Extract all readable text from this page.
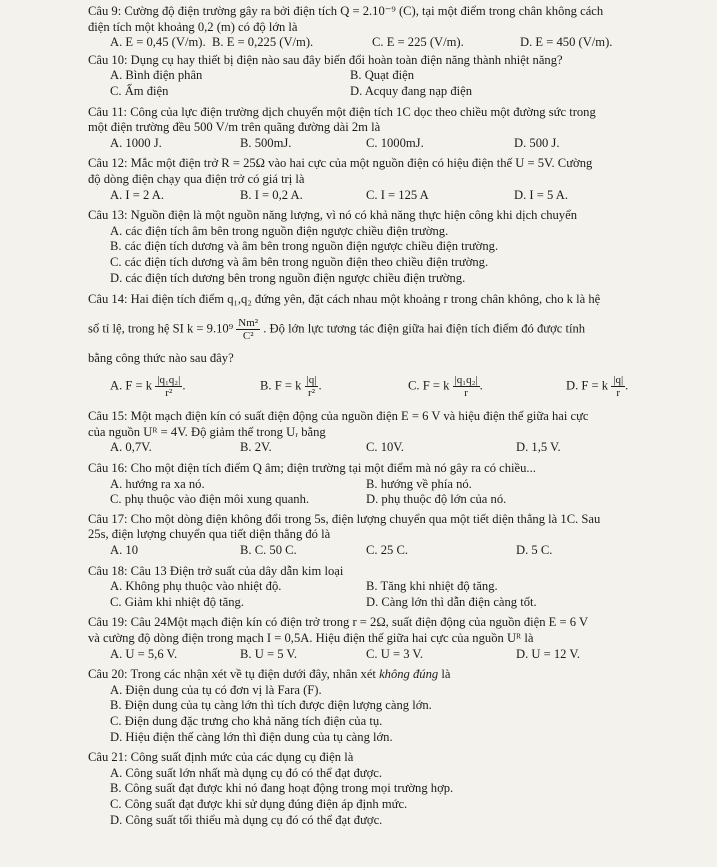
Câu 9: Cường độ điện trường gây ra bởi điện tích Q = 2.10⁻⁹ (C), tại một điểm trong chân không cách

điện tích một khoảng 0,2 (m) có độ lớn là

A. E = 0,45 (V/m). B. E = 0,225 (V/m).	C. E = 225 (V/m).	D. E = 450 (V/m).

Câu 10: Dụng cụ hay thiết bị điện nào sau đây biến đổi hoàn toàn điện năng thành nhiệt năng?

A. Bình điện phân	B. Quạt điện
C. Ấm điện	D. Acquy đang nạp điện

Câu 11: Công của lực điện trường dịch chuyển một điện tích 1C dọc theo chiều một đường sức trong

một điện trường đều 500 V/m trên quãng đường dài 2m là

A. 1000 J.	B. 500mJ.	C. 1000mJ.	D. 500 J.

Câu 12: Mắc một điện trở R = 25Ω vào hai cực của một nguồn điện có hiệu điện thế U = 5V. Cường

độ dòng điện chạy qua điện trở có giá trị là

A. I = 2 A.	B. I = 0,2 A.	C. I = 125 A	D. I = 5 A.

Câu 13: Nguồn điện là một nguồn năng lượng, vì nó có khả năng thực hiện công khi dịch chuyển

A. các điện tích âm bên trong nguồn điện ngược chiều điện trường.

B. các điện tích dương và âm bên trong nguồn điện ngược chiều điện trường.

C. các điện tích dương và âm bên trong nguồn điện theo chiều điện trường.

D. các điện tích dương bên trong nguồn điện ngược chiều điện trường.

Câu 14: Hai điện tích điểm q₁,q₂ đứng yên, đặt cách nhau một khoảng r trong chân không, cho k là hệ

số tỉ lệ, trong hệ SI $k = 9.10^9 \frac{\text{Nm²}}{\text{C²}}$ . Độ lớn lực tương tác điện giữa hai điện tích điểm đó được tính

bằng công thức nào sau đây?

A. F = k $\frac{\text{|q₁q₂|}}{\text{r²}}$ .	B. F = k $\frac{|q|}{\text{r²}}$ .	C. F = k $\frac{\text{|q₁q₂|}}{r}$ .	D. F = k $\frac{|q|}{r}$ .

Câu 15: Một mạch điện kín có suất điện động của nguồn điện E = 6 V và hiệu điện thế giữa hai cực

của nguồn Uᴿ = 4V. Độ giảm thế trong Uᵣ bằng

A. 0,7V.	B. 2V.	C. 10V.	D. 1,5 V.

Câu 16: Cho một điện tích điểm Q âm; điện trường tại một điểm mà nó gây ra có chiều...

A. hướng ra xa nó.	B. hướng về phía nó.
C. phụ thuộc vào điện môi xung quanh.	D. phụ thuộc độ lớn của nó.

Câu 17: Cho một dòng điện không đổi trong 5s, điện lượng chuyển qua một tiết diện thẳng là 1C. Sau

25s, điện lượng chuyển qua tiết diện thẳng đó là

A. 10	B. C. 50 C.	C. 25 C.	D. 5 C.

Câu 18: Câu 13 Điện trở suất của dây dẫn kim loại

A. Không phụ thuộc vào nhiệt độ.	B. Tăng khi nhiệt độ tăng.
C. Giảm khi nhiệt độ tăng.	D. Càng lớn thì dẫn điện càng tốt.

Câu 19: Câu 24Một mạch điện kín có điện trở trong r = 2Ω, suất điện động của nguồn điện E = 6 V

và cường độ dòng điện trong mạch I = 0,5A. Hiệu điện thế giữa hai cực của nguồn Uᴿ là

A. U = 5,6 V.	B. U = 5 V.	C. U = 3 V.	D. U = 12 V.

Câu 20: Trong các nhận xét về tụ điện dưới đây, nhân xét không đúng là

A. Điện dung của tụ có đơn vị là Fara (F).

B. Điện dung của tụ càng lớn thì tích được điện lượng càng lớn.

C. Điện dung đặc trưng cho khả năng tích điện của tụ.

D. Hiệu điện thế càng lớn thì điện dung của tụ càng lớn.

Câu 21: Công suất định mức của các dụng cụ điện là

A. Công suất lớn nhất mà dụng cụ đó có thể đạt được.

B. Công suất đạt được khi nó đang hoạt động trong mọi trường hợp.

C. Công suất đạt được khi sử dụng đúng điện áp định mức.

D. Công suất tối thiểu mà dụng cụ đó có thể đạt được.
